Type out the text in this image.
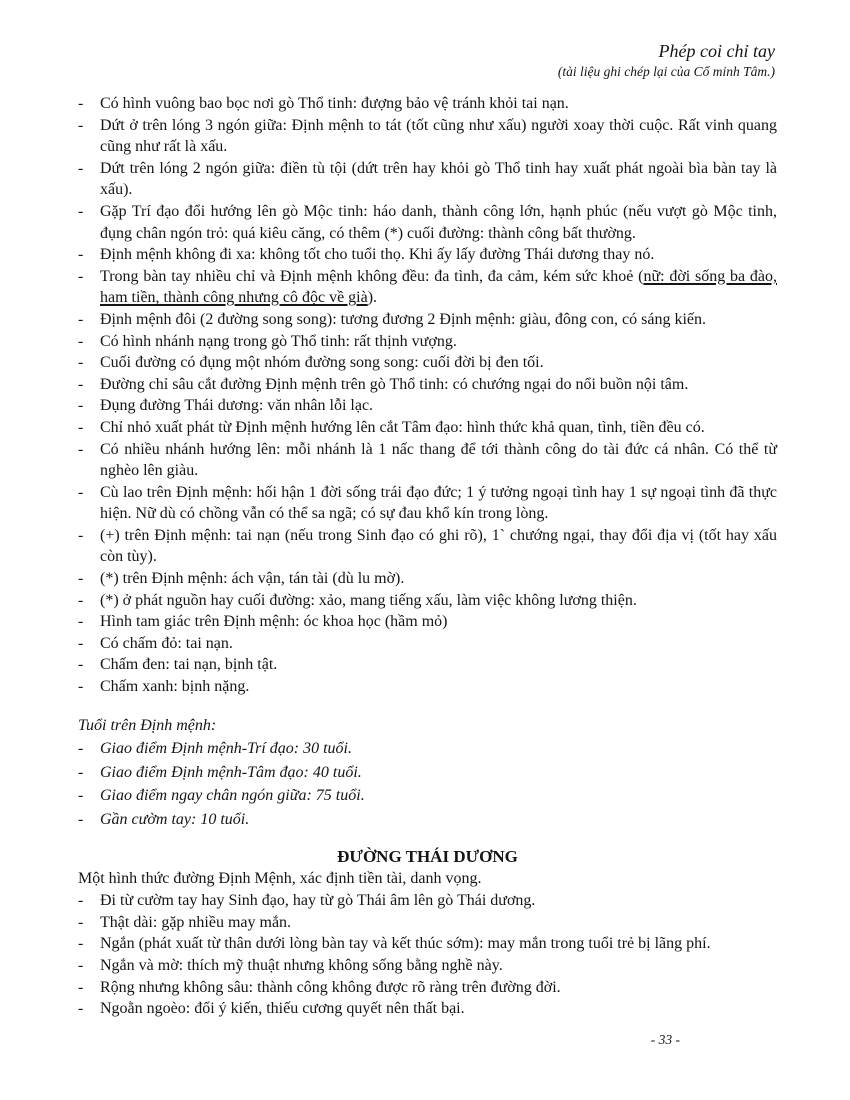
Phép coi chỉ tay
(tài liệu ghi chép lại của Cổ minh Tâm.)
-	Có hình vuông bao bọc nơi gò Thổ tinh: đượng bảo vệ tránh khỏi tai nạn.
-	Dứt ở trên lóng 3 ngón giữa: Định mệnh to tát (tốt cũng như xấu) người xoay thời cuộc. Rất vinh quang cũng như rất là xấu.
-	Dứt trên lóng 2 ngón giữa: điền tù tội (dứt trên hay khỏi gò Thổ tinh hay xuất phát ngoài bìa bàn tay là xấu).
-	Gặp Trí đạo đổi hướng lên gò Mộc tinh: háo danh, thành công lớn, hạnh phúc (nếu vượt gò Mộc tinh, đụng chân ngón trỏ: quá kiêu căng, có thêm (*) cuối đường: thành công bất thường.
-	Định mệnh không đi xa: không tốt cho tuổi thọ. Khi ấy lấy đường Thái dương thay nó.
-	Trong bàn tay nhiều chỉ và Định mệnh không đều: đa tình, đa cảm, kém sức khoẻ (nữ: đời sống ba đào, ham tiền, thành công nhưng cô độc về già).
-	Định mệnh đôi (2 đường song song): tương đương 2 Định mệnh: giàu, đông con, có sáng kiến.
-	Có hình nhánh nạng trong gò Thổ tinh: rất thịnh vượng.
-	Cuối đường có đụng một nhóm đường song song: cuối đời bị đen tối.
-	Đường chỉ sâu cắt đường Định mệnh trên gò Thổ tinh: có chướng ngại do nổi buồn nội tâm.
-	Đụng đường Thái dương: văn nhân lỗi lạc.
-	Chỉ nhỏ xuất phát từ Định mệnh hướng lên cắt Tâm đạo: hình thức khả quan, tình, tiền đều có.
-	Có nhiều nhánh hướng lên: mỗi nhánh là 1 nấc thang để tới thành công do tài đức cá nhân. Có thể từ nghèo lên giàu.
-	Cù lao trên Định mệnh: hối hận 1 đời sống trái đạo đức; 1 ý tưởng ngoại tình hay 1 sự ngoại tình đã thực hiện. Nữ dù có chồng vẫn có thể sa ngã; có sự đau khổ kín trong lòng.
-	(+) trên Định mệnh: tai nạn (nếu trong Sinh đạo có ghi rõ), 1` chướng ngại, thay đổi địa vị (tốt hay xấu còn tùy).
-	(*) trên Định mệnh: ách vận, tán tài (dù lu mờ).
-	(*) ở phát nguồn hay cuối đường: xảo, mang tiếng xấu, làm việc không lương thiện.
-	Hình tam giác trên Định mệnh: óc khoa học (hầm mỏ)
-	Có chấm đỏ: tai nạn.
-	Chấm đen: tai nạn, bịnh tật.
-	Chấm xanh: bịnh nặng.
Tuổi trên Định mệnh:
-	Giao điểm Định mệnh-Trí đạo: 30 tuổi.
-	Giao điểm Định mệnh-Tâm đạo: 40 tuổi.
-	Giao điểm ngay chân ngón giữa: 75 tuổi.
-	Gần cườm tay: 10 tuổi.
ĐƯỜNG THÁI DƯƠNG
Một hình thức đường Định Mệnh, xác định tiền tài, danh vọng.
-	Đi từ cườm tay hay Sinh đạo, hay từ gò Thái âm lên gò Thái dương.
-	Thật dài: gặp nhiều may mắn.
-	Ngắn (phát xuất từ thân dưới lòng bàn tay và kết thúc sớm): may mắn trong tuổi trẻ bị lãng phí.
-	Ngắn và mờ: thích mỹ thuật nhưng không sống bằng nghề này.
-	Rộng nhưng không sâu: thành công không được rõ ràng trên đường đời.
-	Ngoằn ngoèo: đổi ý kiến, thiếu cương quyết nên thất bại.
- 33 -
